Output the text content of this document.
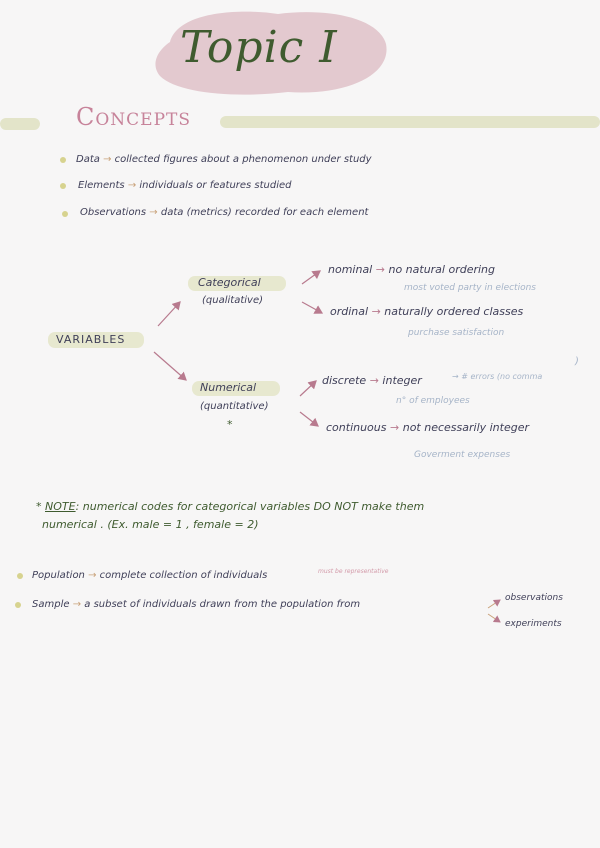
Topic I
Concepts
Data → collected figures about a phenomenon under study
Elements → individuals or features studied
Observations → data (metrics) recorded for each element
VARIABLES
Categorical
(qualitative)
Numerical
(quantitative)
*
nominal → no natural ordering
most voted party in elections
ordinal → naturally ordered classes
purchase satisfaction
discrete → integer	→ # errors (no comma
)
n° of employees
continuous → not necessarily integer
Goverment expenses
* NOTE: numerical codes for categorical variables DO NOT make them
numerical . (Ex. male = 1 , female = 2)
Population → complete collection of individuals	must be representative
Sample → a subset of individuals drawn from the population from
observations
experiments
